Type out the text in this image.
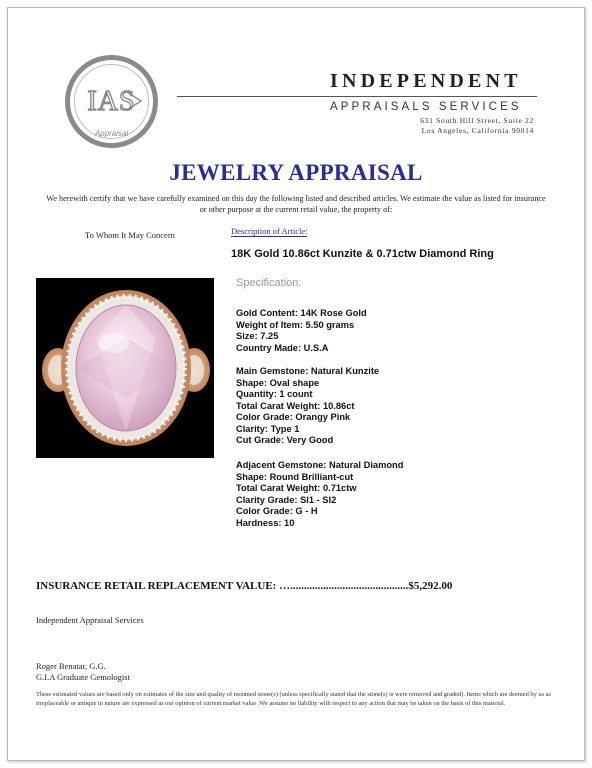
IAS
Appraisal
INDEPENDENT
APPRAISALS SERVICES
631 South Hill Street, Suite 22
Los Angeles, California 90014
JEWELRY APPRAISAL
We herewith certify that we have carefully examined on this day the following listed and described articles. We estimate the value as listed for insurance or other purpose at the current retail value, the property of:
To Whom It May Concern	Description of Article:
18K Gold 10.86ct Kunzite & 0.71ctw Diamond Ring
Specification:
Gold Content: 14K Rose Gold
Weight of Item: 5.50 grams
Size: 7.25
Country Made: U.S.A
Main Gemstone: Natural Kunzite
Shape: Oval shape
Quantity: 1 count
Total Carat Weight: 10.86ct
Color Grade: Orangy Pink
Clarity: Type 1
Cut Grade: Very Good
Adjacent Gemstone: Natural Diamond
Shape: Round Brilliant-cut
Total Carat Weight: 0.71ctw
Clarity Grade: SI1 - SI2
Color Grade: G - H
Hardness: 10
INSURANCE RETAIL REPLACEMENT VALUE: …...........................................$5,292.00
Independent Appraisal Services
Roger Benatar, G.G.
G.I.A Graduate Gemologist
These estimated values are based only on estimates of the size and quality of mounted stone(s) (unless specifically stated that the stone(s) is were removed and graded). Items which are deemed by us as irreplaceable or antique in nature are expressed as our opinion of current market value .We assume no liability with respect to any action that may be taken on the basis of this material.
